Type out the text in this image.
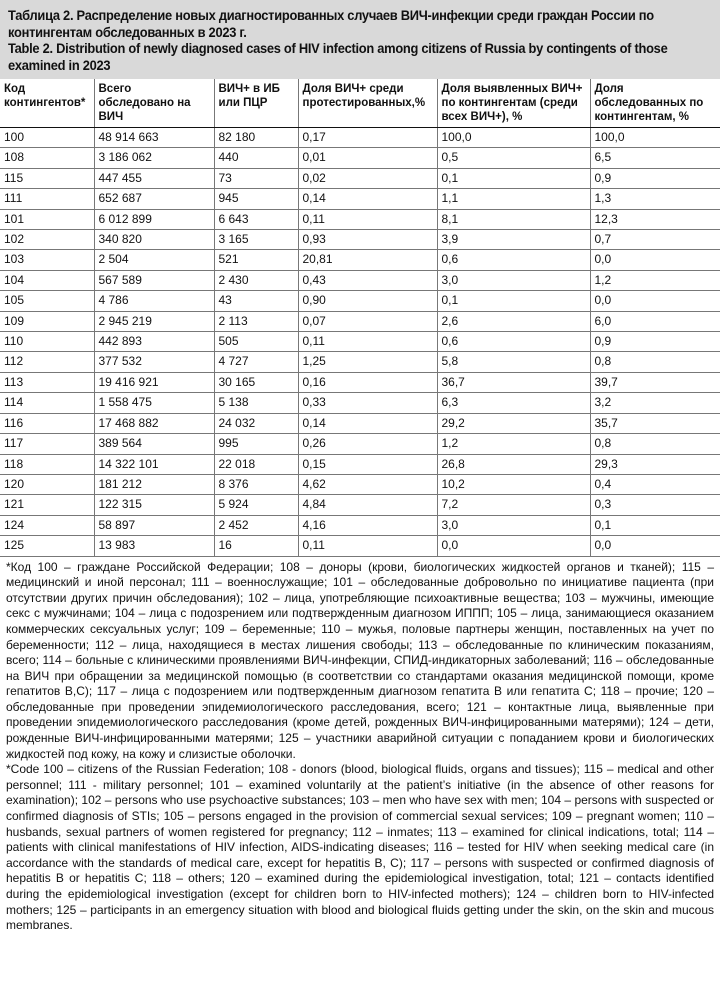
Таблица 2. Распределение новых диагностированных случаев ВИЧ-инфекции среди граждан России по контингентам обследованных в 2023 г.

Table 2. Distribution of newly diagnosed cases of HIV infection among citizens of Russia by contingents of those examined in 2023

Код контингентов*	Всего обследовано на ВИЧ	ВИЧ+ в ИБ или ПЦР	Доля ВИЧ+ среди протестированных,%	Доля выявленных ВИЧ+ по контингентам (среди всех ВИЧ+), %	Доля обследованных по контингентам, %
100	48 914 663	82 180	0,17	100,0	100,0
108	3 186 062	440	0,01	0,5	6,5
115	447 455	73	0,02	0,1	0,9
111	652 687	945	0,14	1,1	1,3
101	6 012 899	6 643	0,11	8,1	12,3
102	340 820	3 165	0,93	3,9	0,7
103	2 504	521	20,81	0,6	0,0
104	567 589	2 430	0,43	3,0	1,2
105	4 786	43	0,90	0,1	0,0
109	2 945 219	2 113	0,07	2,6	6,0
110	442 893	505	0,11	0,6	0,9
112	377 532	4 727	1,25	5,8	0,8
113	19 416 921	30 165	0,16	36,7	39,7
114	1 558 475	5 138	0,33	6,3	3,2
116	17 468 882	24 032	0,14	29,2	35,7
117	389 564	995	0,26	1,2	0,8
118	14 322 101	22 018	0,15	26,8	29,3
120	181 212	8 376	4,62	10,2	0,4
121	122 315	5 924	4,84	7,2	0,3
124	58 897	2 452	4,16	3,0	0,1
125	13 983	16	0,11	0,0	0,0

*Код 100 – граждане Российской Федерации; 108 – доноры (крови, биологических жидкостей органов и тканей); 115 – медицинский и иной персонал; 111 – военнослужащие; 101 – обследованные добровольно по инициативе пациента (при отсутствии других причин обследования); 102 – лица, употребляющие психоактивные вещества; 103 – мужчины, имеющие секс с мужчинами; 104 – лица с подозрением или подтвержденным диагнозом ИППП; 105 – лица, занимающиеся оказанием коммерческих сексуальных услуг; 109 – беременные; 110 – мужья, половые партнеры женщин, поставленных на учет по беременности; 112 – лица, находящиеся в местах лишения свободы; 113 – обследованные по клиническим показаниям, всего; 114 – больные с клиническими проявлениями ВИЧ-инфекции, СПИД-индикаторных заболеваний; 116 – обследованные на ВИЧ при обращении за медицинской помощью (в соответствии со стандартами оказания медицинской помощи, кроме гепатитов В,С); 117 – лица с подозрением или подтвержденным диагнозом гепатита В или гепатита С; 118 – прочие; 120 – обследованные при проведении эпидемиологического расследования, всего; 121 – контактные лица, выявленные при проведении эпидемиологического расследования (кроме детей, рожденных ВИЧ-инфицированными матерями); 124 – дети, рожденные ВИЧ-инфицированными матерями; 125 – участники аварийной ситуации с попаданием крови и биологических жидкостей под кожу, на кожу и слизистые оболочки.

*Code 100 – citizens of the Russian Federation; 108 - donors (blood, biological fluids, organs and tissues); 115 – medical and other personnel; 111 - military personnel; 101 – examined voluntarily at the patient’s initiative (in the absence of other reasons for examination); 102 – persons who use psychoactive substances; 103 – men who have sex with men; 104 – persons with suspected or confirmed diagnosis of STIs; 105 – persons engaged in the provision of commercial sexual services; 109 – pregnant women; 110 – husbands, sexual partners of women registered for pregnancy; 112 – inmates; 113 – examined for clinical indications, total; 114 – patients with clinical manifestations of HIV infection, AIDS-indicating diseases; 116 – tested for HIV when seeking medical care (in accordance with the standards of medical care, except for hepatitis B, C); 117 – persons with suspected or confirmed diagnosis of hepatitis B or hepatitis C; 118 – others; 120 – examined during the epidemiological investigation, total; 121 – contacts identified during the epidemiological investigation (except for children born to HIV-infected mothers); 124 – children born to HIV-infected mothers; 125 – participants in an emergency situation with blood and biological fluids getting under the skin, on the skin and mucous membranes.
